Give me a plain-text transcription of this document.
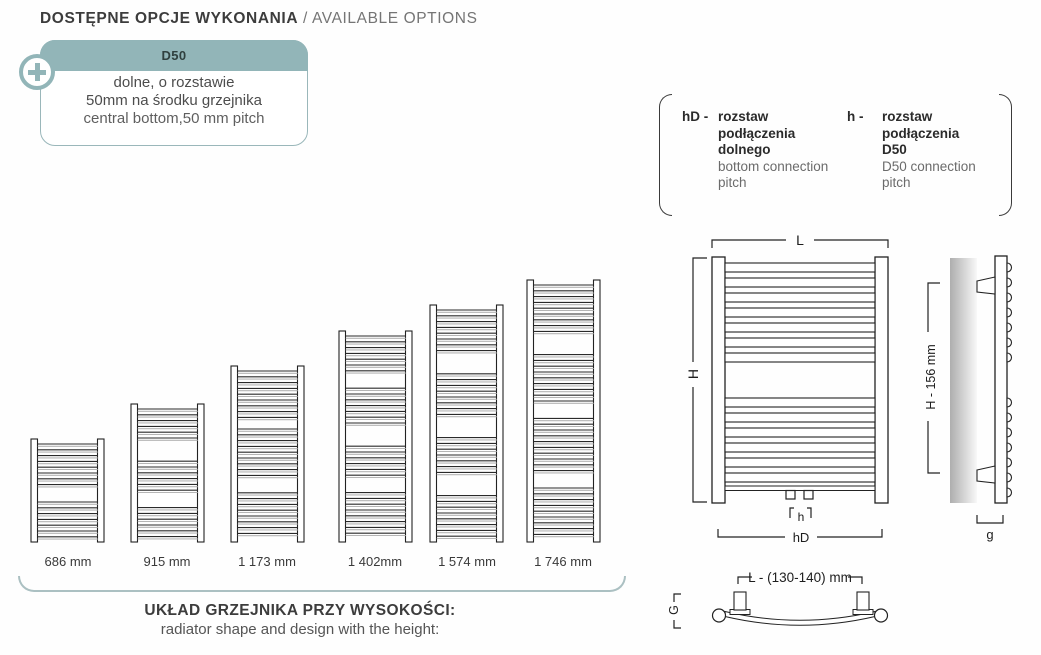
DOSTĘPNE OPCJE WYKONANIA / AVAILABLE OPTIONS
D50
dolne, o rozstawie
50mm na środku grzejnika
central bottom,50 mm pitch	hD - rozstaw
podłączenia
dolnego
bottom connection
pitch
h - rozstaw
podłączenia
D50
D50 connection
pitch
686 mm	915 mm	1 173 mm	1 402mm	1 574 mm	1 746 mm
UKŁAD GRZEJNIKA PRZY WYSOKOŚCI:
radiator shape and design with the height:
L
H
h
hD
H - 156 mm
g
G
L - (130-140) mm
